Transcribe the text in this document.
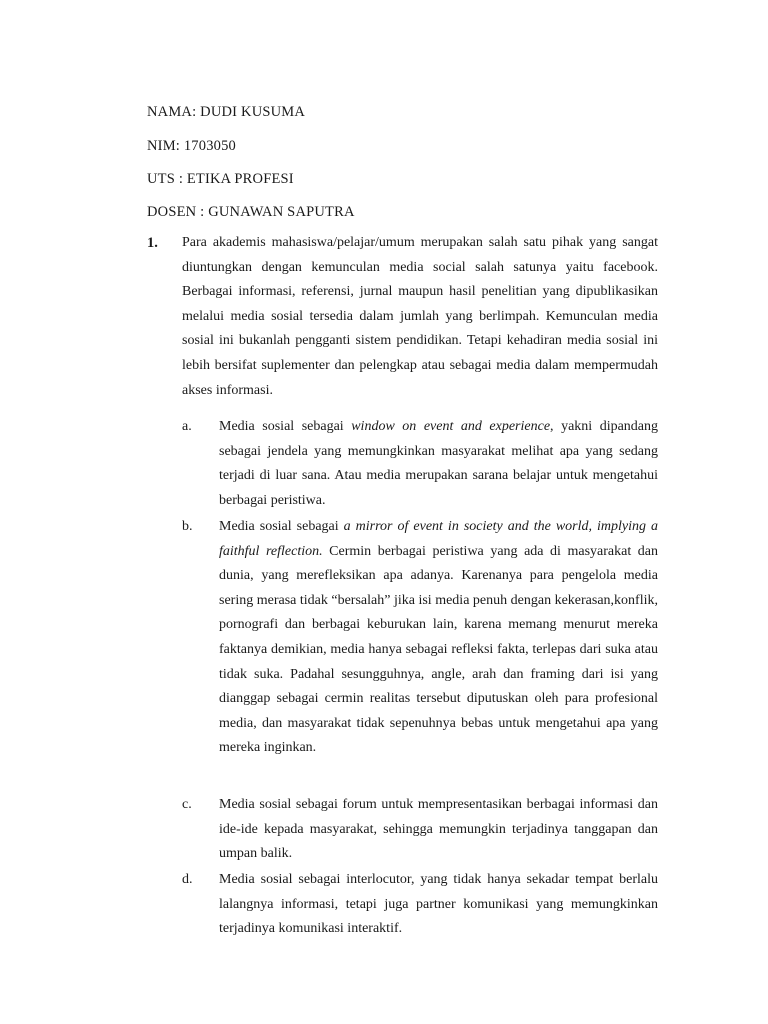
NAMA: DUDI KUSUMA
NIM: 1703050
UTS : ETIKA PROFESI
DOSEN : GUNAWAN SAPUTRA
1. Para akademis mahasiswa/pelajar/umum merupakan salah satu pihak yang sangat diuntungkan dengan kemunculan media social salah satunya yaitu facebook. Berbagai informasi, referensi, jurnal maupun hasil penelitian yang dipublikasikan melalui media sosial tersedia dalam jumlah yang berlimpah. Kemunculan media sosial ini bukanlah pengganti sistem pendidikan. Tetapi kehadiran media sosial ini lebih bersifat suplementer dan pelengkap atau sebagai media dalam mempermudah akses informasi.
a. Media sosial sebagai window on event and experience, yakni dipandang sebagai jendela yang memungkinkan masyarakat melihat apa yang sedang terjadi di luar sana. Atau media merupakan sarana belajar untuk mengetahui berbagai peristiwa.
b. Media sosial sebagai a mirror of event in society and the world, implying a faithful reflection. Cermin berbagai peristiwa yang ada di masyarakat dan dunia, yang merefleksikan apa adanya. Karenanya para pengelola media sering merasa tidak “bersalah” jika isi media penuh dengan kekerasan,konflik, pornografi dan berbagai keburukan lain, karena memang menurut mereka faktanya demikian, media hanya sebagai refleksi fakta, terlepas dari suka atau tidak suka. Padahal sesungguhnya, angle, arah dan framing dari isi yang dianggap sebagai cermin realitas tersebut diputuskan oleh para profesional media, dan masyarakat tidak sepenuhnya bebas untuk mengetahui apa yang mereka inginkan.
c. Media sosial sebagai forum untuk mempresentasikan berbagai informasi dan ide-ide kepada masyarakat, sehingga memungkin terjadinya tanggapan dan umpan balik.
d. Media sosial sebagai interlocutor, yang tidak hanya sekadar tempat berlalu lalangnya informasi, tetapi juga partner komunikasi yang memungkinkan terjadinya komunikasi interaktif.
